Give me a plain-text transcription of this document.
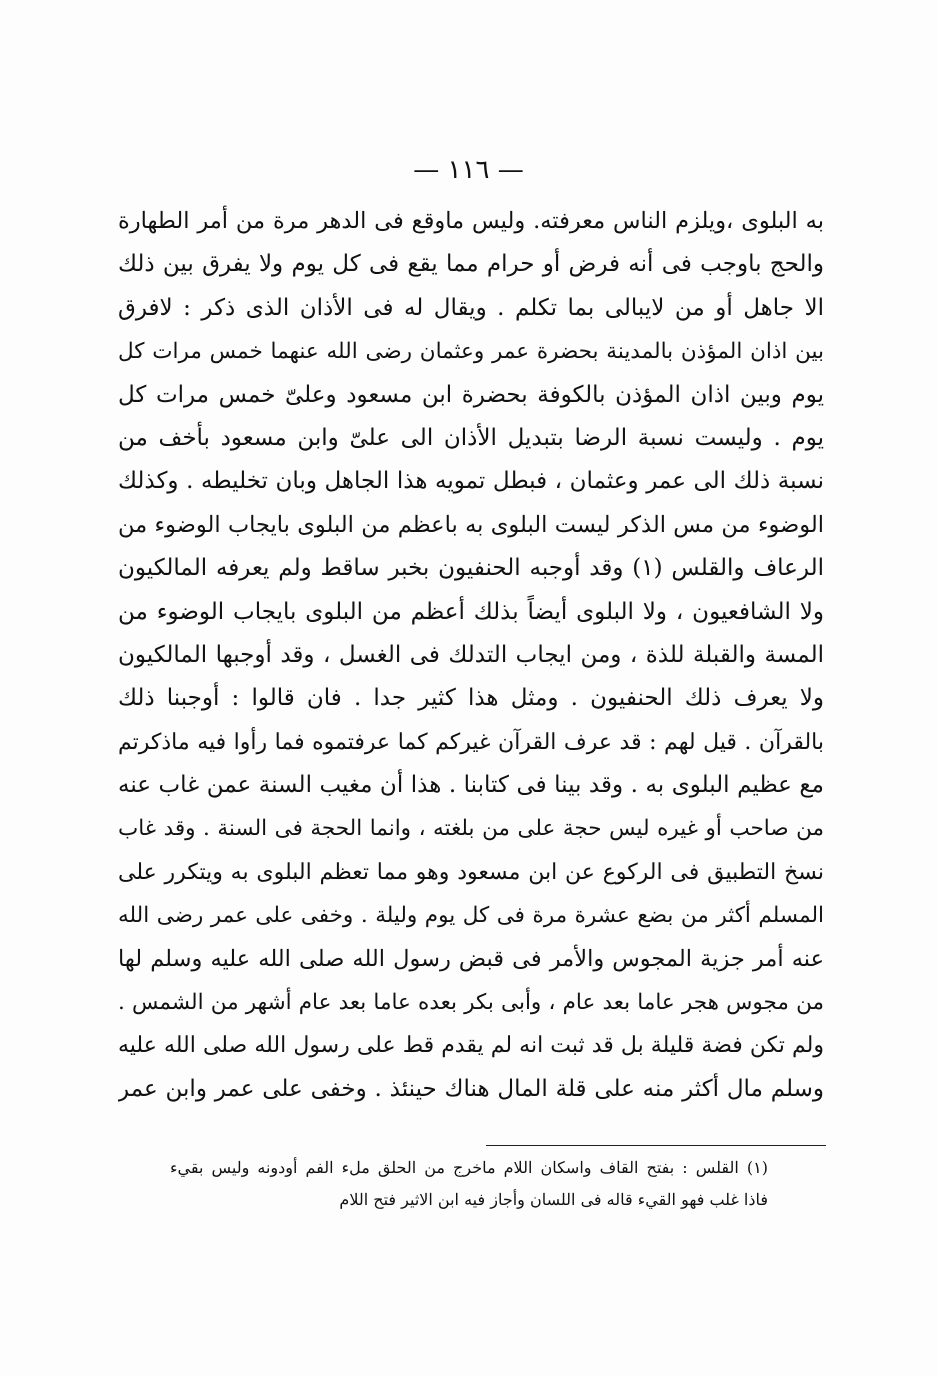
— ١١٦ —
به البلوى ،ويلزم الناس معرفته. وليس ماوقع فى الدهر مرة من أمر الطهارة
والحج باوجب فى أنه فرض أو حرام مما يقع فى كل يوم ولا يفرق بين ذلك
الا جاهل أو من لايبالى بما تكلم . ويقال له فى الأذان الذى ذكر : لافرق
بين اذان المؤذن بالمدينة بحضرة عمر وعثمان رضى الله عنهما خمس مرات كل
يوم وبين اذان المؤذن بالكوفة بحضرة ابن مسعود وعلىّ خمس مرات كل
يوم . وليست نسبة الرضا بتبديل الأذان الى علىّ وابن مسعود بأخف من
نسبة ذلك الى عمر وعثمان ، فبطل تمويه هذا الجاهل وبان تخليطه . وكذلك
الوضوء من مس الذكر ليست البلوى به باعظم من البلوى بايجاب الوضوء من
الرعاف والقلس (١) وقد أوجبه الحنفيون بخبر ساقط ولم يعرفه المالكيون
ولا الشافعيون ، ولا البلوى أيضاً بذلك أعظم من البلوى بايجاب الوضوء من
المسة والقبلة للذة ، ومن ايجاب التدلك فى الغسل ، وقد أوجبها المالكيون
ولا يعرف ذلك الحنفيون . ومثل هذا كثير جدا . فان قالوا : أوجبنا ذلك
بالقرآن . قيل لهم : قد عرف القرآن غيركم كما عرفتموه فما رأوا فيه ماذكرتم
مع عظيم البلوى به . وقد بينا فى كتابنا . هذا أن مغيب السنة عمن غاب عنه
من صاحب أو غيره ليس حجة على من بلغته ، وانما الحجة فى السنة . وقد غاب
نسخ التطبيق فى الركوع عن ابن مسعود وهو مما تعظم البلوى به ويتكرر على
المسلم أكثر من بضع عشرة مرة فى كل يوم وليلة . وخفى على عمر رضى الله
عنه أمر جزية المجوس والأمر فى قبض رسول الله صلى الله عليه وسلم لها
من مجوس هجر عاما بعد عام ، وأبى بكر بعده عاما بعد عام أشهر من الشمس .
ولم تكن فضة قليلة بل قد ثبت انه لم يقدم قط على رسول الله صلى الله عليه
وسلم مال أكثر منه على قلة المال هناك حينئذ . وخفى على عمر وابن عمر
(١) القلس : بفتح القاف واسكان اللام ماخرج من الحلق ملء الفم أودونه وليس بقيء
فاذا غلب فهو القيء قاله فى اللسان وأجاز فيه ابن الاثير فتح اللام
